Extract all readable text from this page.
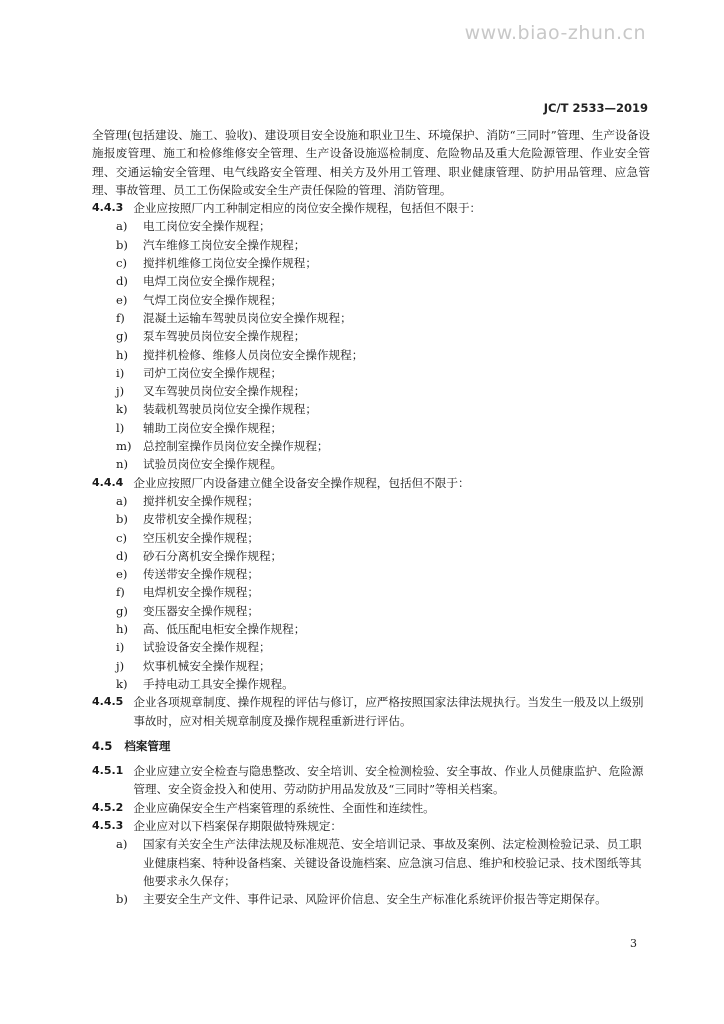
www.biao-zhun.cn
JC/T 2533—2019

全管理(包括建设、施工、验收)、建设项目安全设施和职业卫生、环境保护、消防“三同时”管理、生产设备设施报废管理、施工和检修维修安全管理、生产设备设施巡检制度、危险物品及重大危险源管理、作业安全管理、交通运输安全管理、电气线路安全管理、相关方及外用工管理、职业健康管理、防护用品管理、应急管理、事故管理、员工工伤保险或安全生产责任保险的管理、消防管理。

4.4.3 企业应按照厂内工种制定相应的岗位安全操作规程，包括但不限于：
a)	电工岗位安全操作规程；
b)	汽车维修工岗位安全操作规程；
c)	搅拌机维修工岗位安全操作规程；
d)	电焊工岗位安全操作规程；
e)	气焊工岗位安全操作规程；
f)	混凝土运输车驾驶员岗位安全操作规程；
g)	泵车驾驶员岗位安全操作规程；
h)	搅拌机检修、维修人员岗位安全操作规程；
i)	司炉工岗位安全操作规程；
j)	叉车驾驶员岗位安全操作规程；
k)	装载机驾驶员岗位安全操作规程；
l)	辅助工岗位安全操作规程；
m) 总控制室操作员岗位安全操作规程；
n)	试验员岗位安全操作规程。
4.4.4 企业应按照厂内设备建立健全设备安全操作规程，包括但不限于：
a)	搅拌机安全操作规程；
b)	皮带机安全操作规程；
c)	空压机安全操作规程；
d)	砂石分离机安全操作规程；
e)	传送带安全操作规程；
f)	电焊机安全操作规程；
g)	变压器安全操作规程；
h)	高、低压配电柜安全操作规程；
i)	试验设备安全操作规程；
j)	炊事机械安全操作规程；
k)	手持电动工具安全操作规程。
4.4.5 企业各项规章制度、操作规程的评估与修订，应严格按照国家法律法规执行。当发生一般及以上级别事故时，应对相关规章制度及操作规程重新进行评估。
4.5 档案管理
4.5.1 企业应建立安全检查与隐患整改、安全培训、安全检测检验、安全事故、作业人员健康监护、危险源管理、安全资金投入和使用、劳动防护用品发放及“三同时”等相关档案。
4.5.2 企业应确保安全生产档案管理的系统性、全面性和连续性。
4.5.3 企业应对以下档案保存期限做特殊规定：
a)	国家有关安全生产法律法规及标准规范、安全培训记录、事故及案例、法定检测检验记录、员工职业健康档案、特种设备档案、关键设备设施档案、应急演习信息、维护和校验记录、技术图纸等其他要求永久保存；
b)	主要安全生产文件、事件记录、风险评价信息、安全生产标准化系统评价报告等定期保存。
3
